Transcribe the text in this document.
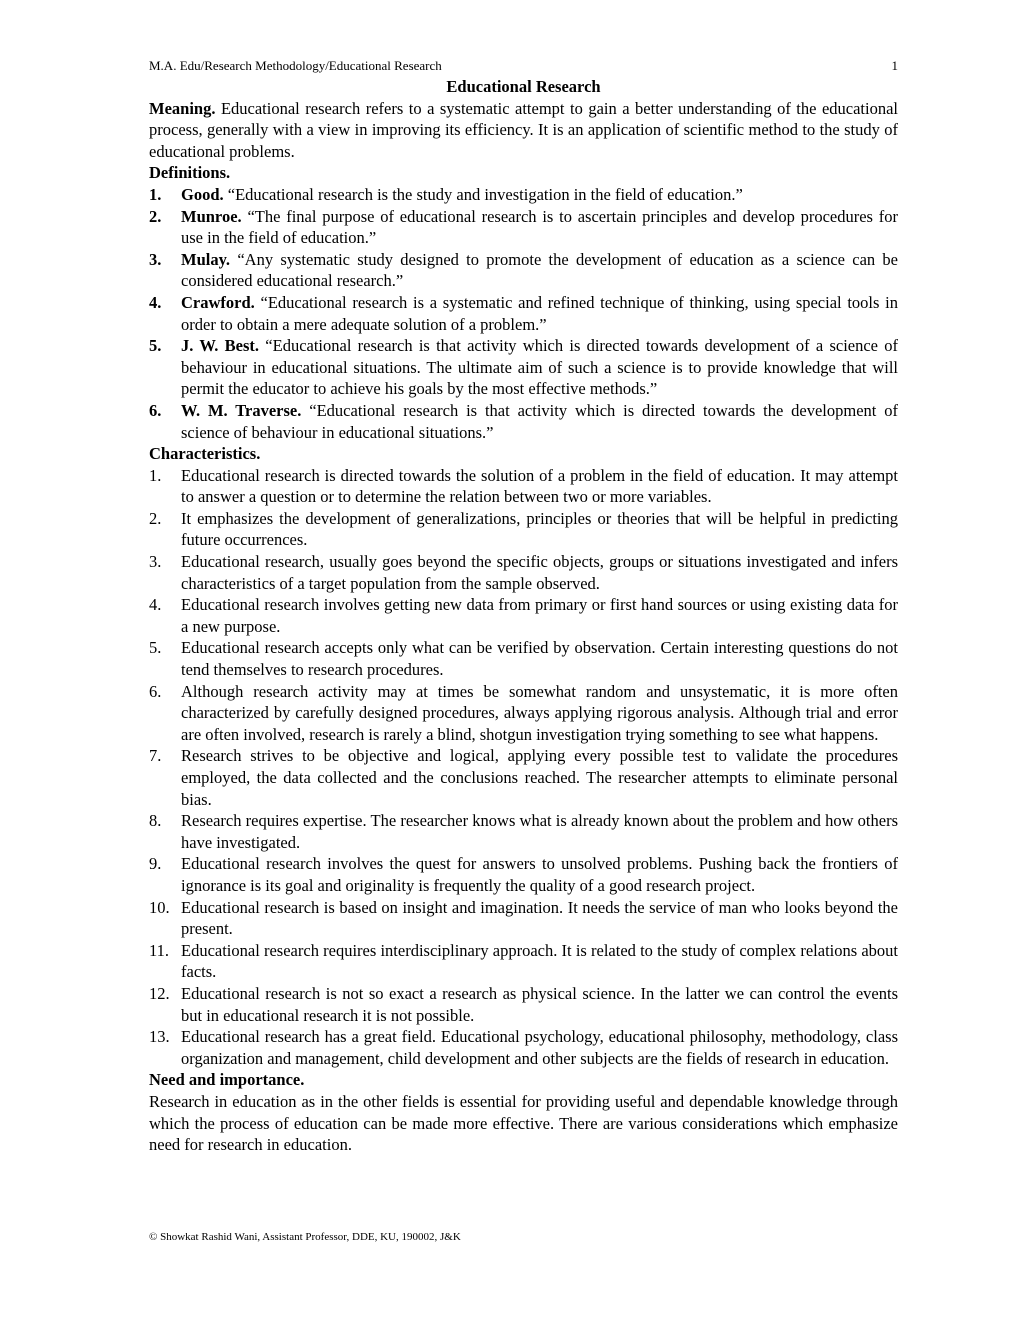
M.A. Edu/Research Methodology/Educational Research	1
Educational Research

Meaning. Educational research refers to a systematic attempt to gain a better understanding of the educational process, generally with a view in improving its efficiency. It is an application of scientific method to the study of educational problems.

Definitions.

1. Good. “Educational research is the study and investigation in the field of education.”
2. Munroe. “The final purpose of educational research is to ascertain principles and develop procedures for use in the field of education.”
3. Mulay. “Any systematic study designed to promote the development of education as a science can be considered educational research.”
4. Crawford. “Educational research is a systematic and refined technique of thinking, using special tools in order to obtain a mere adequate solution of a problem.”
5. J. W. Best. “Educational research is that activity which is directed towards development of a science of behaviour in educational situations. The ultimate aim of such a science is to provide knowledge that will permit the educator to achieve his goals by the most effective methods.”
6. W. M. Traverse. “Educational research is that activity which is directed towards the development of science of behaviour in educational situations.”

Characteristics.

1. Educational research is directed towards the solution of a problem in the field of education. It may attempt to answer a question or to determine the relation between two or more variables.
2. It emphasizes the development of generalizations, principles or theories that will be helpful in predicting future occurrences.
3. Educational research, usually goes beyond the specific objects, groups or situations investigated and infers characteristics of a target population from the sample observed.
4. Educational research involves getting new data from primary or first hand sources or using existing data for a new purpose.
5. Educational research accepts only what can be verified by observation. Certain interesting questions do not tend themselves to research procedures.
6. Although research activity may at times be somewhat random and unsystematic, it is more often characterized by carefully designed procedures, always applying rigorous analysis. Although trial and error are often involved, research is rarely a blind, shotgun investigation trying something to see what happens.
7. Research strives to be objective and logical, applying every possible test to validate the procedures employed, the data collected and the conclusions reached. The researcher attempts to eliminate personal bias.
8. Research requires expertise. The researcher knows what is already known about the problem and how others have investigated.
9. Educational research involves the quest for answers to unsolved problems. Pushing back the frontiers of ignorance is its goal and originality is frequently the quality of a good research project.
10. Educational research is based on insight and imagination. It needs the service of man who looks beyond the present.
11. Educational research requires interdisciplinary approach. It is related to the study of complex relations about facts.
12. Educational research is not so exact a research as physical science. In the latter we can control the events but in educational research it is not possible.
13. Educational research has a great field. Educational psychology, educational philosophy, methodology, class organization and management, child development and other subjects are the fields of research in education.

Need and importance.

Research in education as in the other fields is essential for providing useful and dependable knowledge through which the process of education can be made more effective. There are various considerations which emphasize need for research in education.

© Showkat Rashid Wani, Assistant Professor, DDE, KU, 190002, J&K
